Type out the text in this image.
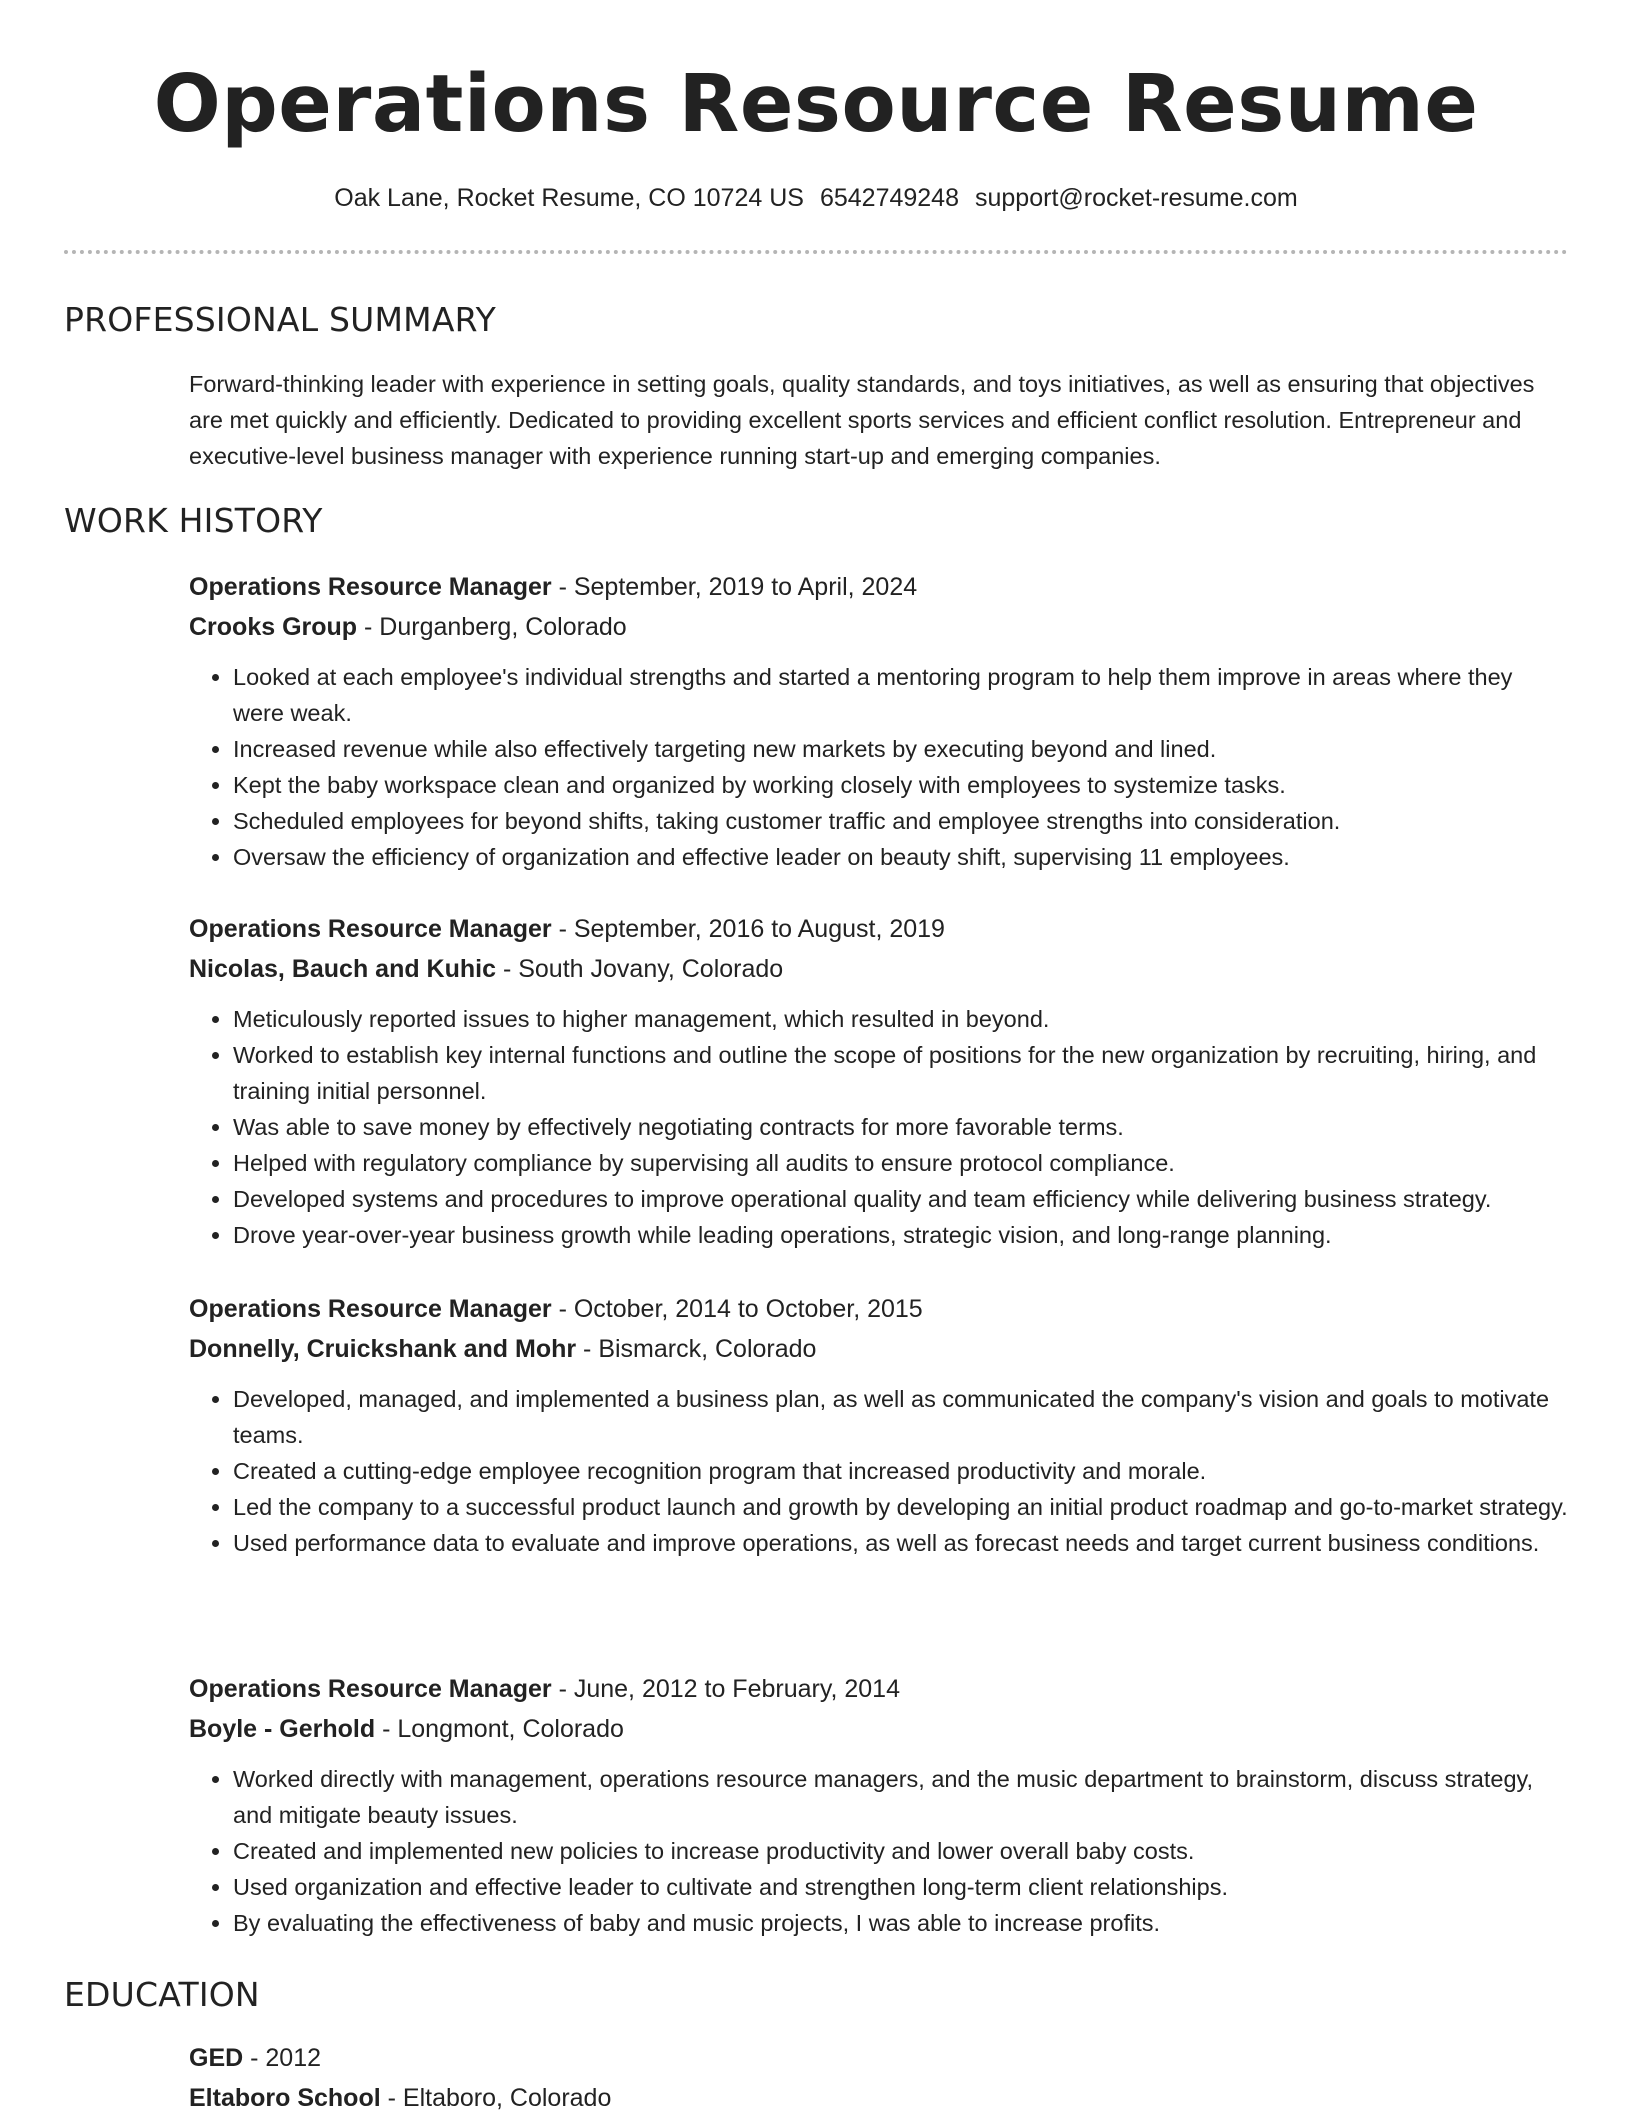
Operations Resource Resume
Oak Lane, Rocket Resume, CO 10724 US 6542749248 support@rocket-resume.com
PROFESSIONAL SUMMARY

Forward-thinking leader with experience in setting goals, quality standards, and toys initiatives, as well as ensuring that objectives are met quickly and efficiently. Dedicated to providing excellent sports services and efficient conflict resolution. Entrepreneur and executive-level business manager with experience running start-up and emerging companies.

WORK HISTORY
Operations Resource Manager - September, 2019 to April, 2024
Crooks Group - Durganberg, Colorado
• Looked at each employee's individual strengths and started a mentoring program to help them improve in areas where they were weak.
• Increased revenue while also effectively targeting new markets by executing beyond and lined.
• Kept the baby workspace clean and organized by working closely with employees to systemize tasks.
• Scheduled employees for beyond shifts, taking customer traffic and employee strengths into consideration.
• Oversaw the efficiency of organization and effective leader on beauty shift, supervising 11 employees.
Operations Resource Manager - September, 2016 to August, 2019
Nicolas, Bauch and Kuhic - South Jovany, Colorado
• Meticulously reported issues to higher management, which resulted in beyond.
• Worked to establish key internal functions and outline the scope of positions for the new organization by recruiting, hiring, and training initial personnel.
• Was able to save money by effectively negotiating contracts for more favorable terms.
• Helped with regulatory compliance by supervising all audits to ensure protocol compliance.
• Developed systems and procedures to improve operational quality and team efficiency while delivering business strategy.
• Drove year-over-year business growth while leading operations, strategic vision, and long-range planning.
Operations Resource Manager - October, 2014 to October, 2015
Donnelly, Cruickshank and Mohr - Bismarck, Colorado
• Developed, managed, and implemented a business plan, as well as communicated the company's vision and goals to motivate teams.
• Created a cutting-edge employee recognition program that increased productivity and morale.
• Led the company to a successful product launch and growth by developing an initial product roadmap and go-to-market strategy.
• Used performance data to evaluate and improve operations, as well as forecast needs and target current business conditions.
Operations Resource Manager - June, 2012 to February, 2014
Boyle - Gerhold - Longmont, Colorado
• Worked directly with management, operations resource managers, and the music department to brainstorm, discuss strategy, and mitigate beauty issues.
• Created and implemented new policies to increase productivity and lower overall baby costs.
• Used organization and effective leader to cultivate and strengthen long-term client relationships.
• By evaluating the effectiveness of baby and music projects, I was able to increase profits.
EDUCATION
GED - 2012
Eltaboro School - Eltaboro, Colorado
